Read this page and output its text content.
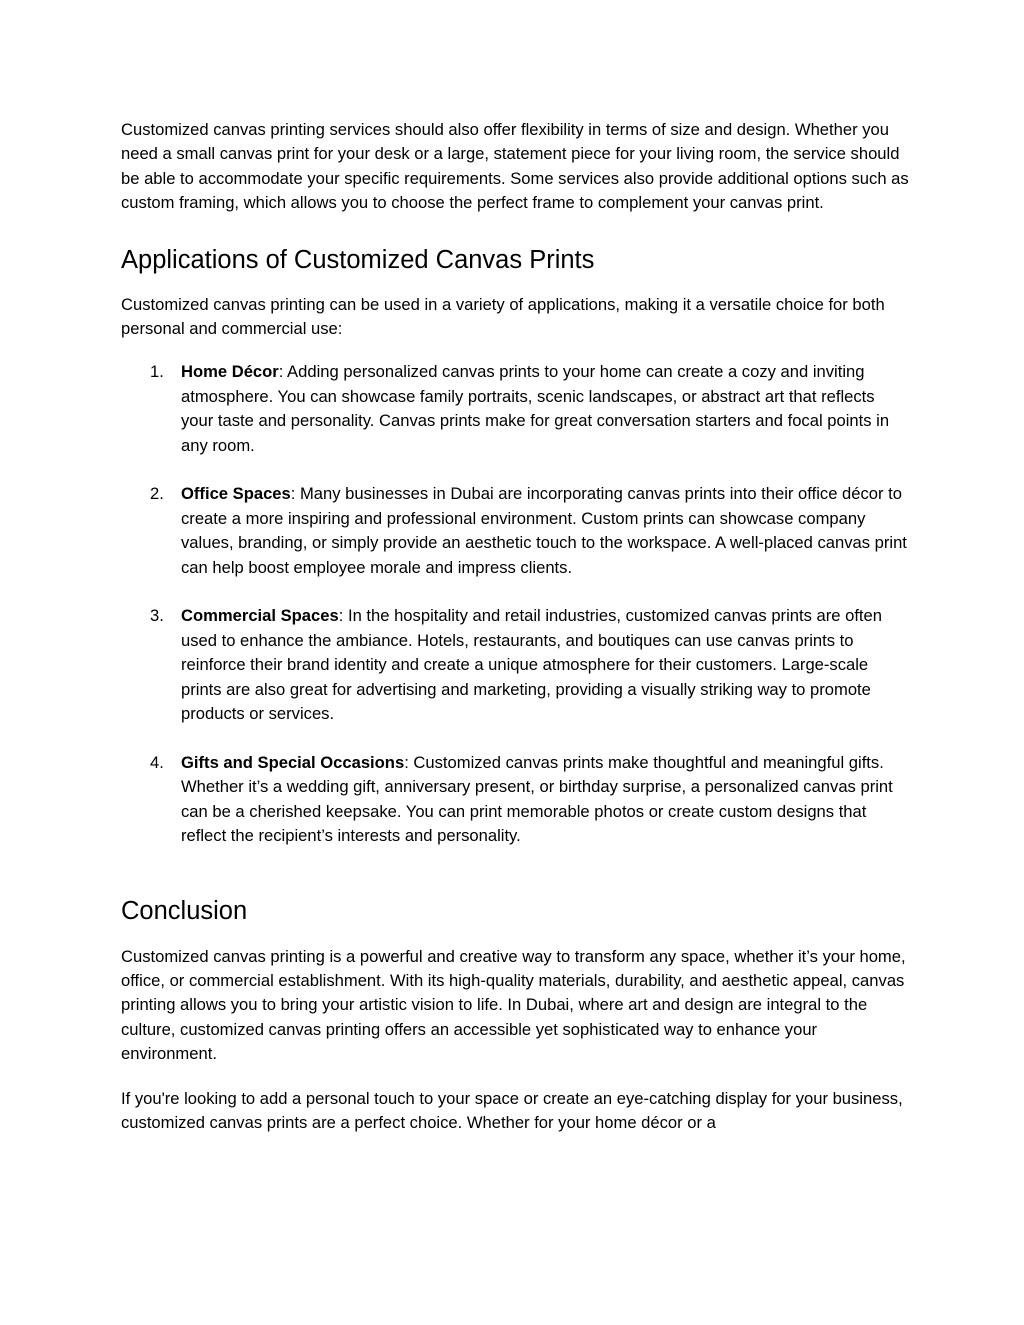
Customized canvas printing services should also offer flexibility in terms of size and design. Whether you need a small canvas print for your desk or a large, statement piece for your living room, the service should be able to accommodate your specific requirements. Some services also provide additional options such as custom framing, which allows you to choose the perfect frame to complement your canvas print.

Applications of Customized Canvas Prints

Customized canvas printing can be used in a variety of applications, making it a versatile choice for both personal and commercial use:

1. Home Décor: Adding personalized canvas prints to your home can create a cozy and inviting atmosphere. You can showcase family portraits, scenic landscapes, or abstract art that reflects your taste and personality. Canvas prints make for great conversation starters and focal points in any room.
2. Office Spaces: Many businesses in Dubai are incorporating canvas prints into their office décor to create a more inspiring and professional environment. Custom prints can showcase company values, branding, or simply provide an aesthetic touch to the workspace. A well-placed canvas print can help boost employee morale and impress clients.
3. Commercial Spaces: In the hospitality and retail industries, customized canvas prints are often used to enhance the ambiance. Hotels, restaurants, and boutiques can use canvas prints to reinforce their brand identity and create a unique atmosphere for their customers. Large-scale prints are also great for advertising and marketing, providing a visually striking way to promote products or services.
4. Gifts and Special Occasions: Customized canvas prints make thoughtful and meaningful gifts. Whether it’s a wedding gift, anniversary present, or birthday surprise, a personalized canvas print can be a cherished keepsake. You can print memorable photos or create custom designs that reflect the recipient’s interests and personality.
Conclusion

Customized canvas printing is a powerful and creative way to transform any space, whether it’s your home, office, or commercial establishment. With its high-quality materials, durability, and aesthetic appeal, canvas printing allows you to bring your artistic vision to life. In Dubai, where art and design are integral to the culture, customized canvas printing offers an accessible yet sophisticated way to enhance your environment.

If you're looking to add a personal touch to your space or create an eye-catching display for your business, customized canvas prints are a perfect choice. Whether for your home décor or a
